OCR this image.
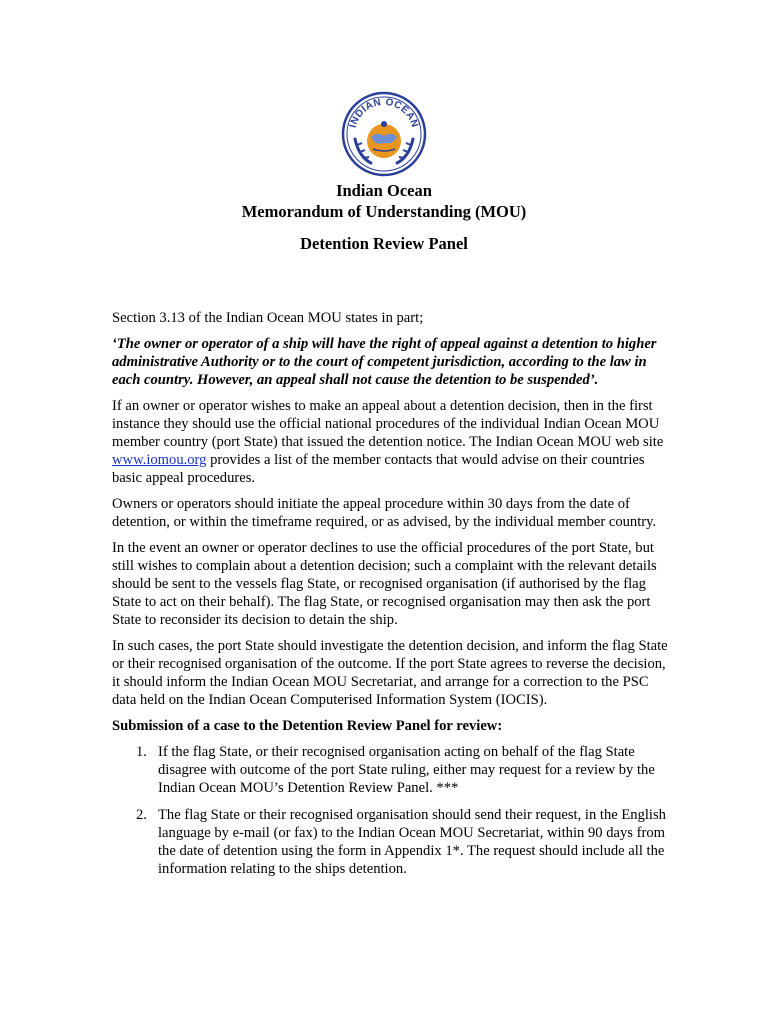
INDIAN OCEAN
Indian Ocean
Memorandum of Understanding (MOU)
Detention Review Panel

Section 3.13 of the Indian Ocean MOU states in part;

‘The owner or operator of a ship will have the right of appeal against a detention to higher administrative Authority or to the court of competent jurisdiction, according to the law in each country. However, an appeal shall not cause the detention to be suspended’.

If an owner or operator wishes to make an appeal about a detention decision, then in the first instance they should use the official national procedures of the individual Indian Ocean MOU member country (port State) that issued the detention notice. The Indian Ocean MOU web site www.iomou.org provides a list of the member contacts that would advise on their countries basic appeal procedures.

Owners or operators should initiate the appeal procedure within 30 days from the date of detention, or within the timeframe required, or as advised, by the individual member country.

In the event an owner or operator declines to use the official procedures of the port State, but still wishes to complain about a detention decision; such a complaint with the relevant details should be sent to the vessels flag State, or recognised organisation (if authorised by the flag State to act on their behalf). The flag State, or recognised organisation may then ask the port State to reconsider its decision to detain the ship.

In such cases, the port State should investigate the detention decision, and inform the flag State or their recognised organisation of the outcome. If the port State agrees to reverse the decision, it should inform the Indian Ocean MOU Secretariat, and arrange for a correction to the PSC data held on the Indian Ocean Computerised Information System (IOCIS).

Submission of a case to the Detention Review Panel for review:

1. If the flag State, or their recognised organisation acting on behalf of the flag State disagree with outcome of the port State ruling, either may request for a review by the Indian Ocean MOU’s Detention Review Panel. ***
2. The flag State or their recognised organisation should send their request, in the English language by e-mail (or fax) to the Indian Ocean MOU Secretariat, within 90 days from the date of detention using the form in Appendix 1*. The request should include all the information relating to the ships detention.
